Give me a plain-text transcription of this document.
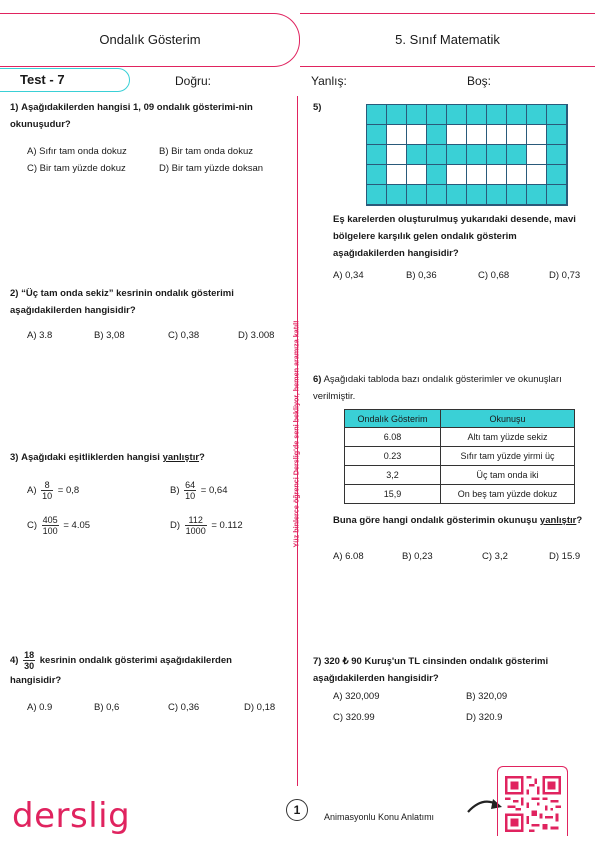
Ondalık Gösterim	5. Sınıf Matematik
Test - 7	Doğru:	Yanlış:	Boş:
Yüz binlerce öğrenci Derslig'de seni bekliyor, hemen aramıza katıl!
1) Aşağıdakilerden hangisi 1, 09 ondalık gösterimi-nin okunuşudur?
A) Sıfır tam onda dokuz	B) Bir tam onda dokuz
C) Bir tam yüzde dokuz	D) Bir tam yüzde doksan
2) “Üç tam onda sekiz” kesrinin ondalık gösterimi aşağıdakilerden hangisidir?
A) 3.8	B) 3,08	C) 0,38	D) 3.008
3) Aşağıdaki eşitliklerden hangisi yanlıştır?
$A) \frac{8}{10} = 0,8$	$B) \frac{64}{10} = 0,64$
$C) \frac{405}{100} = 4.05$	$D) \frac{112}{1000} = 0.112$
$4) \frac{18}{30}$ kesrinin ondalık gösterimi aşağıdakilerden hangisidir?
A) 0.9	B) 0,6	C) 0,36	D) 0,18
5)
Eş karelerden oluşturulmuş yukarıdaki desende, mavi bölgelere karşılık gelen ondalık gösterim aşağıdakilerden hangisidir?
A) 0,34	B) 0,36	C) 0,68	D) 0,73
6) Aşağıdaki tabloda bazı ondalık gösterimler ve okunuşları verilmiştir.
Ondalık Gösterim	Okunuşu
6.08	Altı tam yüzde sekiz
0.23	Sıfır tam yüzde yirmi üç
3,2	Üç tam onda iki
15,9	On beş tam yüzde dokuz
Buna göre hangi ondalık gösterimin okunuşu yanlıştır?
A) 6.08	B) 0,23	C) 3,2	D) 15.9
7) 320 ₺ 90 Kuruş'un TL cinsinden ondalık gösterimi aşağıdakilerden hangisidir?
A) 320,009	B) 320,09
C) 320.99	D) 320.9
derslig	1	Animasyonlu Konu Anlatımı
